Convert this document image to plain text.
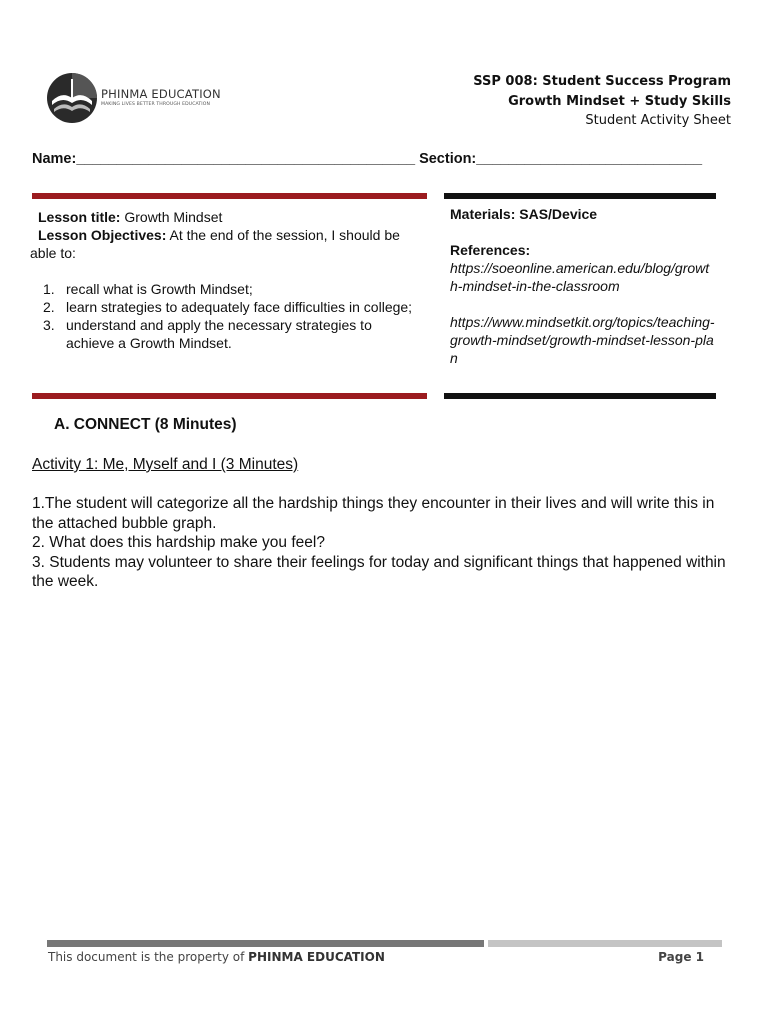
PHINMA EDUCATION
MAKING LIVES BETTER THROUGH EDUCATION
SSP 008: Student Success Program
Growth Mindset + Study Skills
Student Activity Sheet
Name:__________________________________________ Section:____________________________
Lesson title: Growth Mindset
Lesson Objectives: At the end of the session, I should be able to:
1. recall what is Growth Mindset;
2. learn strategies to adequately face difficulties in college;
3. understand and apply the necessary strategies to achieve a Growth Mindset.
Materials: SAS/Device
References:
https://soeonline.american.edu/blog/growth-mindset-in-the-classroom
https://www.mindsetkit.org/topics/teaching-growth-mindset/growth-mindset-lesson-plan
A. CONNECT (8 Minutes)
Activity 1: Me, Myself and I (3 Minutes)

1.The student will categorize all the hardship things they encounter in their lives and will write this in the attached bubble graph.

2. What does this hardship make you feel?

3. Students may volunteer to share their feelings for today and significant things that happened within the week.

This document is the property of PHINMA EDUCATION	Page 1
